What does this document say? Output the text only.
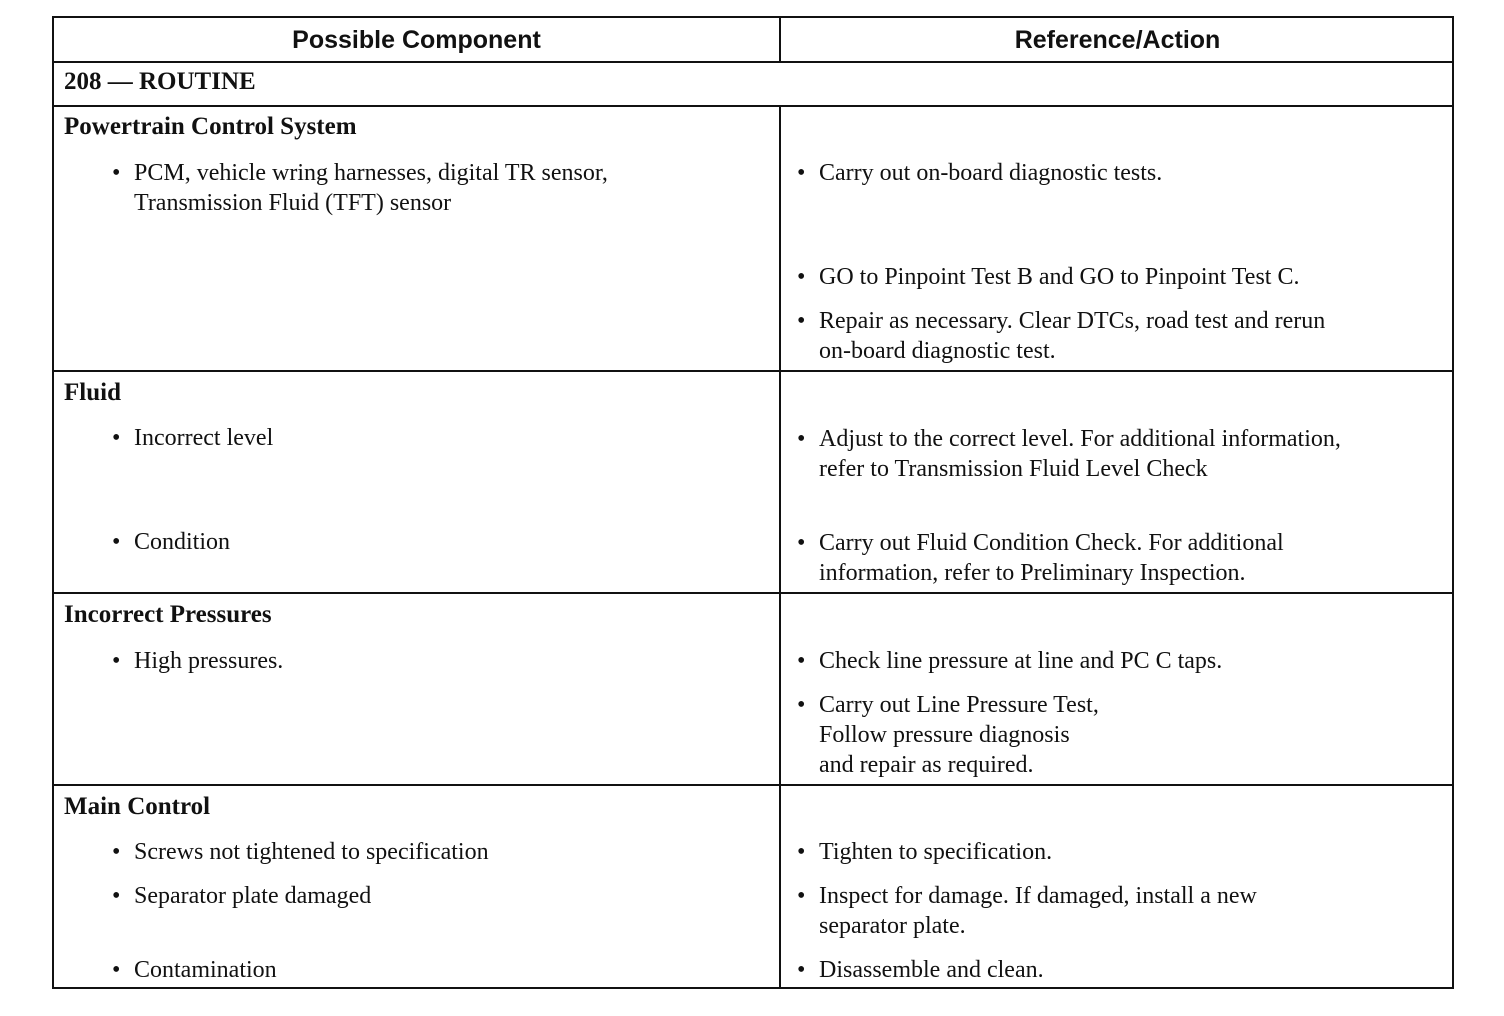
Possible Component	Reference/Action
208 — ROUTINE
Powertrain Control System
• PCM, vehicle wring harnesses, digital TR sensor,
Transmission Fluid (TFT) sensor
• Carry out on-board diagnostic tests.
• GO to Pinpoint Test B and GO to Pinpoint Test C.
• Repair as necessary. Clear DTCs, road test and rerun
on-board diagnostic test.
Fluid
• Incorrect level
• Condition
• Adjust to the correct level. For additional information,
refer to Transmission Fluid Level Check
• Carry out Fluid Condition Check. For additional
information, refer to Preliminary Inspection.
Incorrect Pressures
• High pressures.	• Check line pressure at line and PC C taps.
• Carry out Line Pressure Test,
Follow pressure diagnosis
and repair as required.
Main Control
• Screws not tightened to specification
• Separator plate damaged
• Contamination
• Tighten to specification.
• Inspect for damage. If damaged, install a new
separator plate.
• Disassemble and clean.
